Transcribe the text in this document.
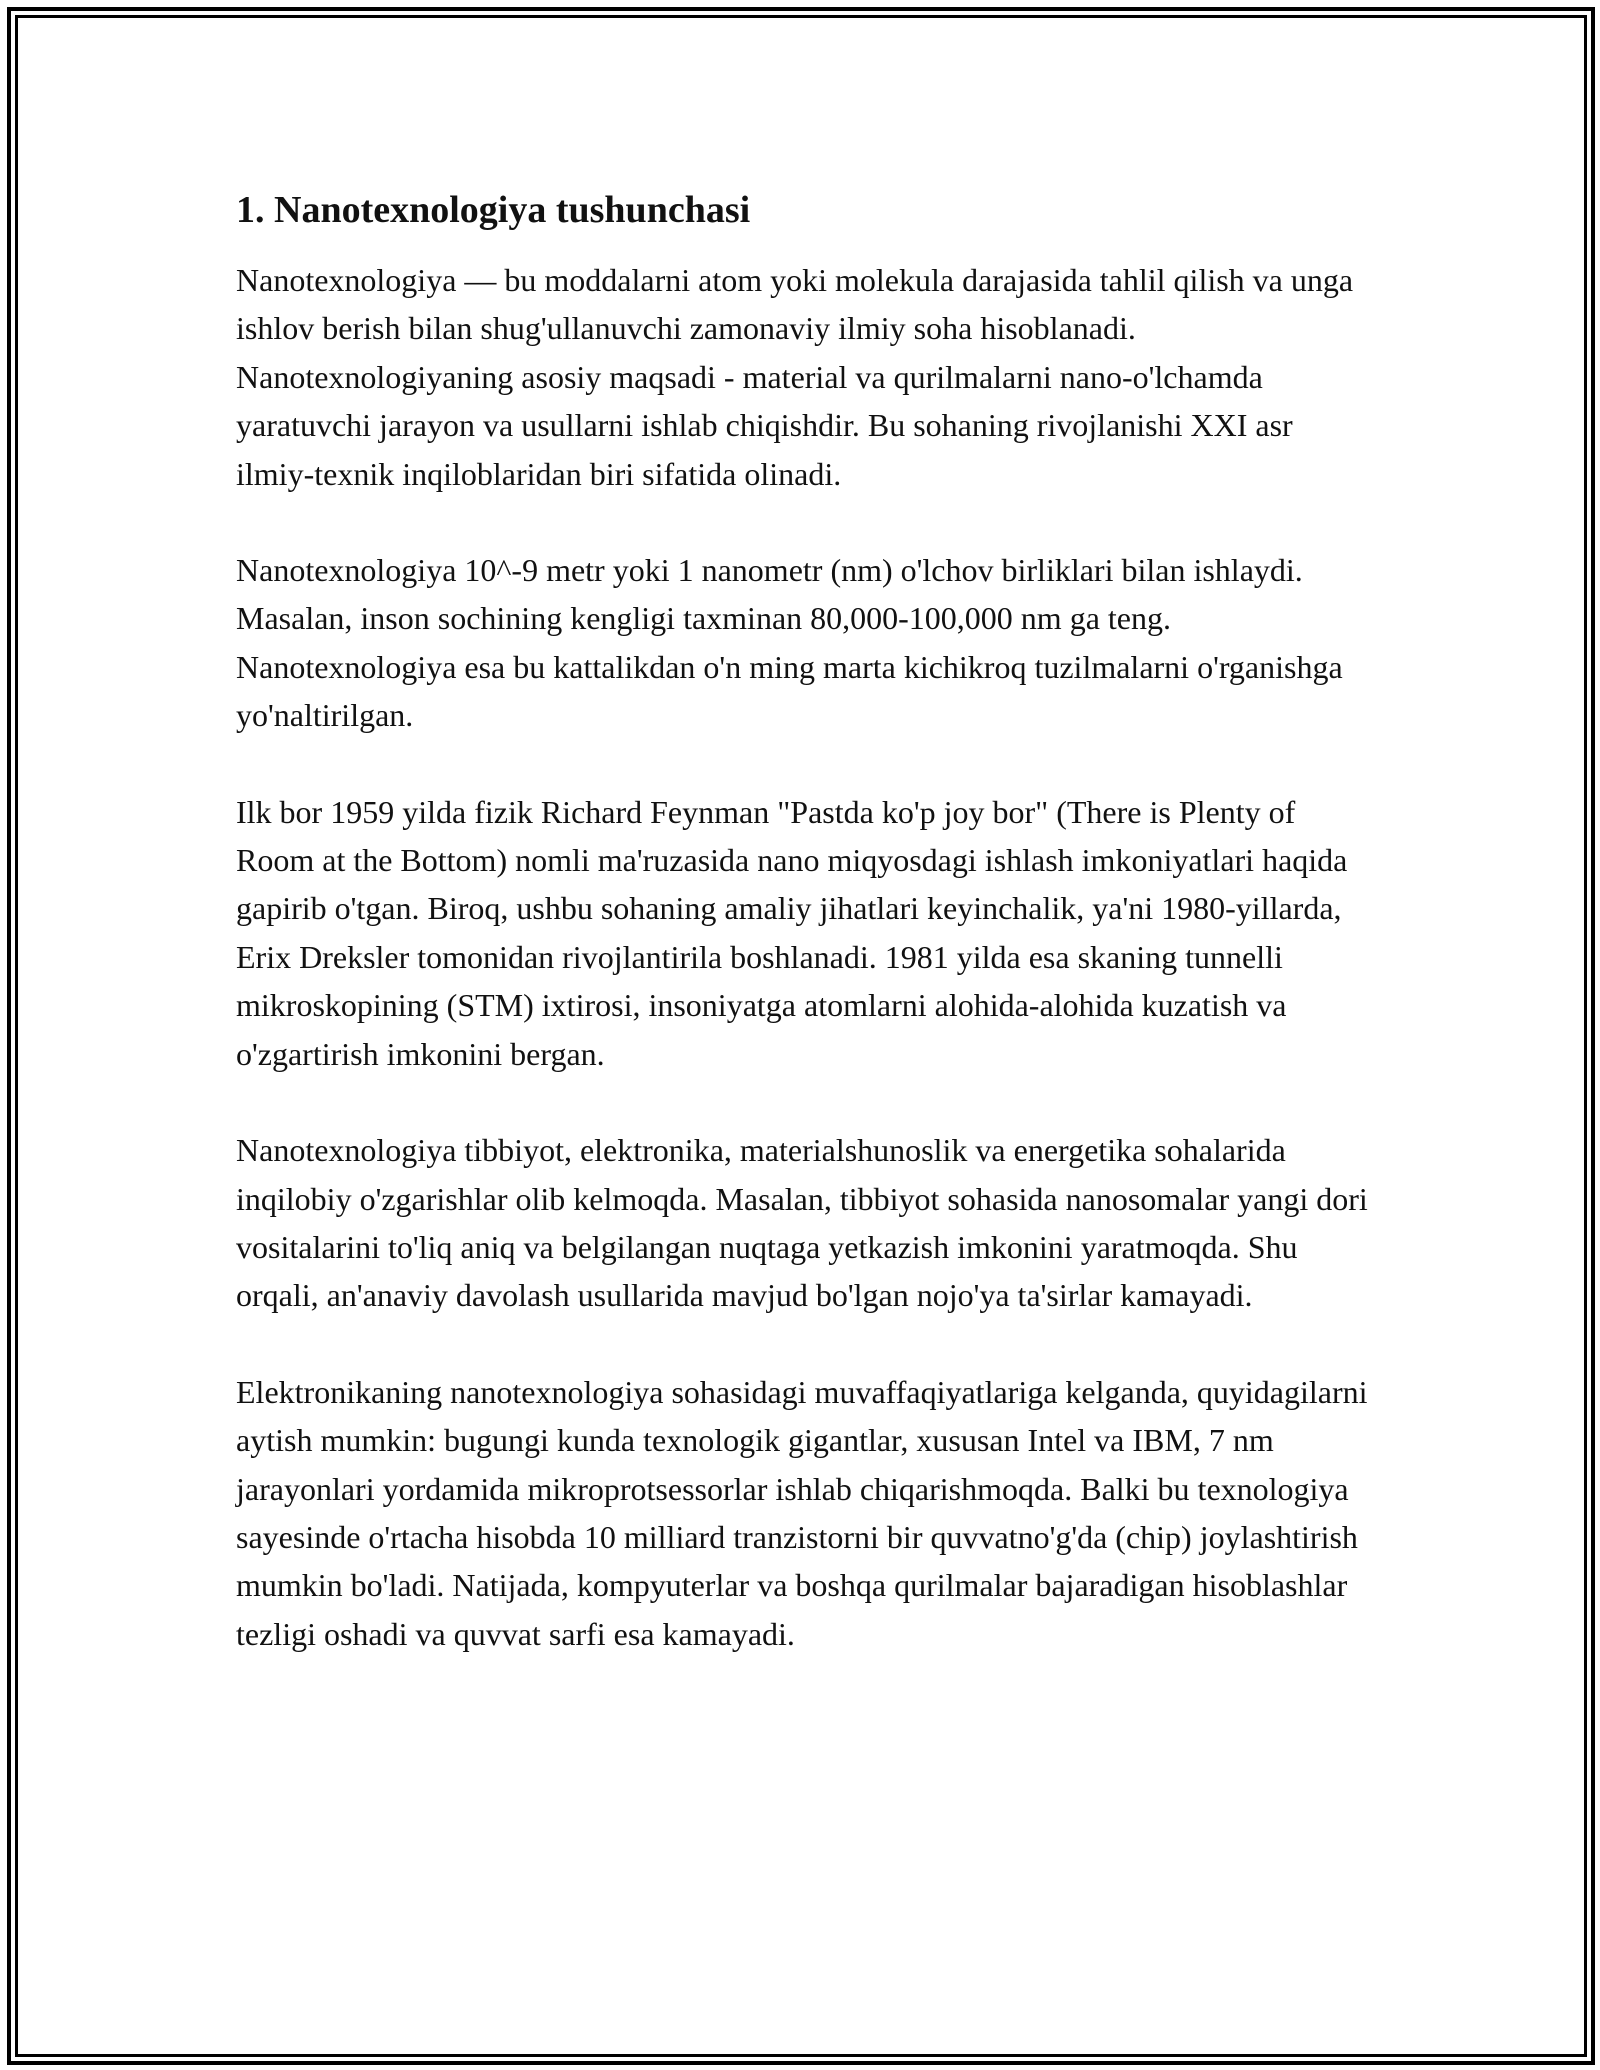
1. Nanotexnologiya tushunchasi

Nanotexnologiya — bu moddalarni atom yoki molekula darajasida tahlil qilish va unga ishlov berish bilan shug'ullanuvchi zamonaviy ilmiy soha hisoblanadi. Nanotexnologiyaning asosiy maqsadi - material va qurilmalarni nano-o'lchamda yaratuvchi jarayon va usullarni ishlab chiqishdir. Bu sohaning rivojlanishi XXI asr ilmiy-texnik inqiloblaridan biri sifatida olinadi.

Nanotexnologiya 10^-9 metr yoki 1 nanometr (nm) o'lchov birliklari bilan ishlaydi. Masalan, inson sochining kengligi taxminan 80,000-100,000 nm ga teng. Nanotexnologiya esa bu kattalikdan o'n ming marta kichikroq tuzilmalarni o'rganishga yo'naltirilgan.

Ilk bor 1959 yilda fizik Richard Feynman "Pastda ko'p joy bor" (There is Plenty of Room at the Bottom) nomli ma'ruzasida nano miqyosdagi ishlash imkoniyatlari haqida gapirib o'tgan. Biroq, ushbu sohaning amaliy jihatlari keyinchalik, ya'ni 1980-yillarda, Erix Dreksler tomonidan rivojlantirila boshlanadi. 1981 yilda esa skaning tunnelli mikroskopining (STM) ixtirosi, insoniyatga atomlarni alohida-alohida kuzatish va o'zgartirish imkonini bergan.

Nanotexnologiya tibbiyot, elektronika, materialshunoslik va energetika sohalarida inqilobiy o'zgarishlar olib kelmoqda. Masalan, tibbiyot sohasida nanosomalar yangi dori vositalarini to'liq aniq va belgilangan nuqtaga yetkazish imkonini yaratmoqda. Shu orqali, an'anaviy davolash usullarida mavjud bo'lgan nojo'ya ta'sirlar kamayadi.

Elektronikaning nanotexnologiya sohasidagi muvaffaqiyatlariga kelganda, quyidagilarni aytish mumkin: bugungi kunda texnologik gigantlar, xususan Intel va IBM, 7 nm jarayonlari yordamida mikroprotsessorlar ishlab chiqarishmoqda. Balki bu texnologiya sayesinde o'rtacha hisobda 10 milliard tranzistorni bir quvvatno'g'da (chip) joylashtirish mumkin bo'ladi. Natijada, kompyuterlar va boshqa qurilmalar bajaradigan hisoblashlar tezligi oshadi va quvvat sarfi esa kamayadi.
